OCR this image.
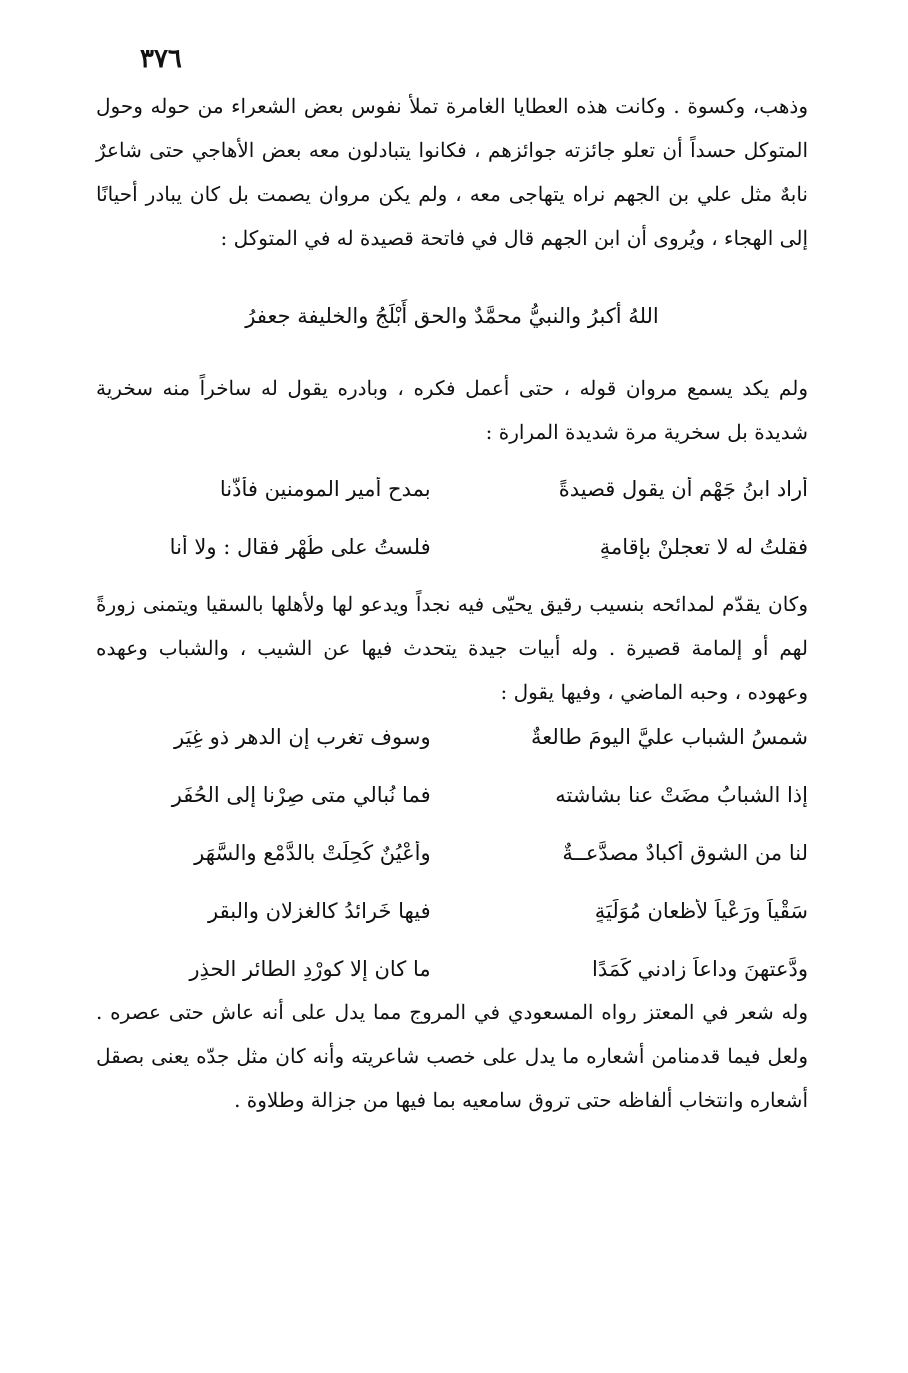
٣٧٦
وذهب، وكسوة . وكانت هذه العطايا الغامرة تملأ نفوس بعض الشعراء من حوله وحول المتوكل حسداً أن تعلو جائزته جوائزهم ، فكانوا يتبادلون معه بعض الأهاجي حتى شاعرٌ نابهٌ مثل علي بن الجهم نراه يتهاجى معه ، ولم يكن مروان يصمت بل كان يبادر أحيانًا إلى الهجاء ، ويُروى أن ابن الجهم قال في فاتحة قصيدة له في المتوكل :
اللهُ أكبرُ والنبيُّ محمَّدٌ والحق أَبْلَجُ والخليفة جعفرُ
ولم يكد يسمع مروان قوله ، حتى أعمل فكره ، وبادره يقول له ساخراً منه سخرية شديدة بل سخرية مرة شديدة المرارة :
أراد ابنُ جَهْمٍ أن يقول قصيدةً
بمدح أمير المومنين فأذَّنا
فقلتُ له لا تعجلنْ بإقامةٍ
فلستُ على طُهْرٍ فقال : ولا أنا
وكان يقدّم لمدائحه بنسيب رقيق يحيّى فيه نجداً ويدعو لها ولأهلها بالسقيا ويتمنى زورةً لهم أو إلمامة قصيرة . وله أبيات جيدة يتحدث فيها عن الشيب ، والشباب وعهده وعهوده ، وحبه الماضي ، وفيها يقول :
شمسُ الشباب عليَّ اليومَ طالعةٌ
وسوف تغرب إن الدهر ذو غِيَرِ
إذا الشبابُ مضَتْ عنا بشاشته
فما نُبالي متى صِرْنا إلى الحُفَرِ
لنا من الشوق أكبادٌ مصدَّعــةٌ
وأَعْيُنٌ كُحِلَتْ بالدَّمْعِ والسَّهَرِ
سَقْياً ورَعْياً لأظعانٍ مُوَلِّيَةٍ
فيها خَرائدُ كالغزلان والبقر
ودَّعتهنَ وداعاً زادني كَمَدًا
ما كان إلا كوِرْدِ الطائر الحذِرِ
وله شعر في المعتز رواه المسعودي في المروج مما يدل على أنه عاش حتى عصره . ولعل فيما قدمنامن أشعاره ما يدل على خصب شاعريته وأنه كان مثل جدّه يعنى بصقل أشعاره وانتخاب ألفاظه حتى تروق سامعيه بما فيها من جزالة وطلاوة .
